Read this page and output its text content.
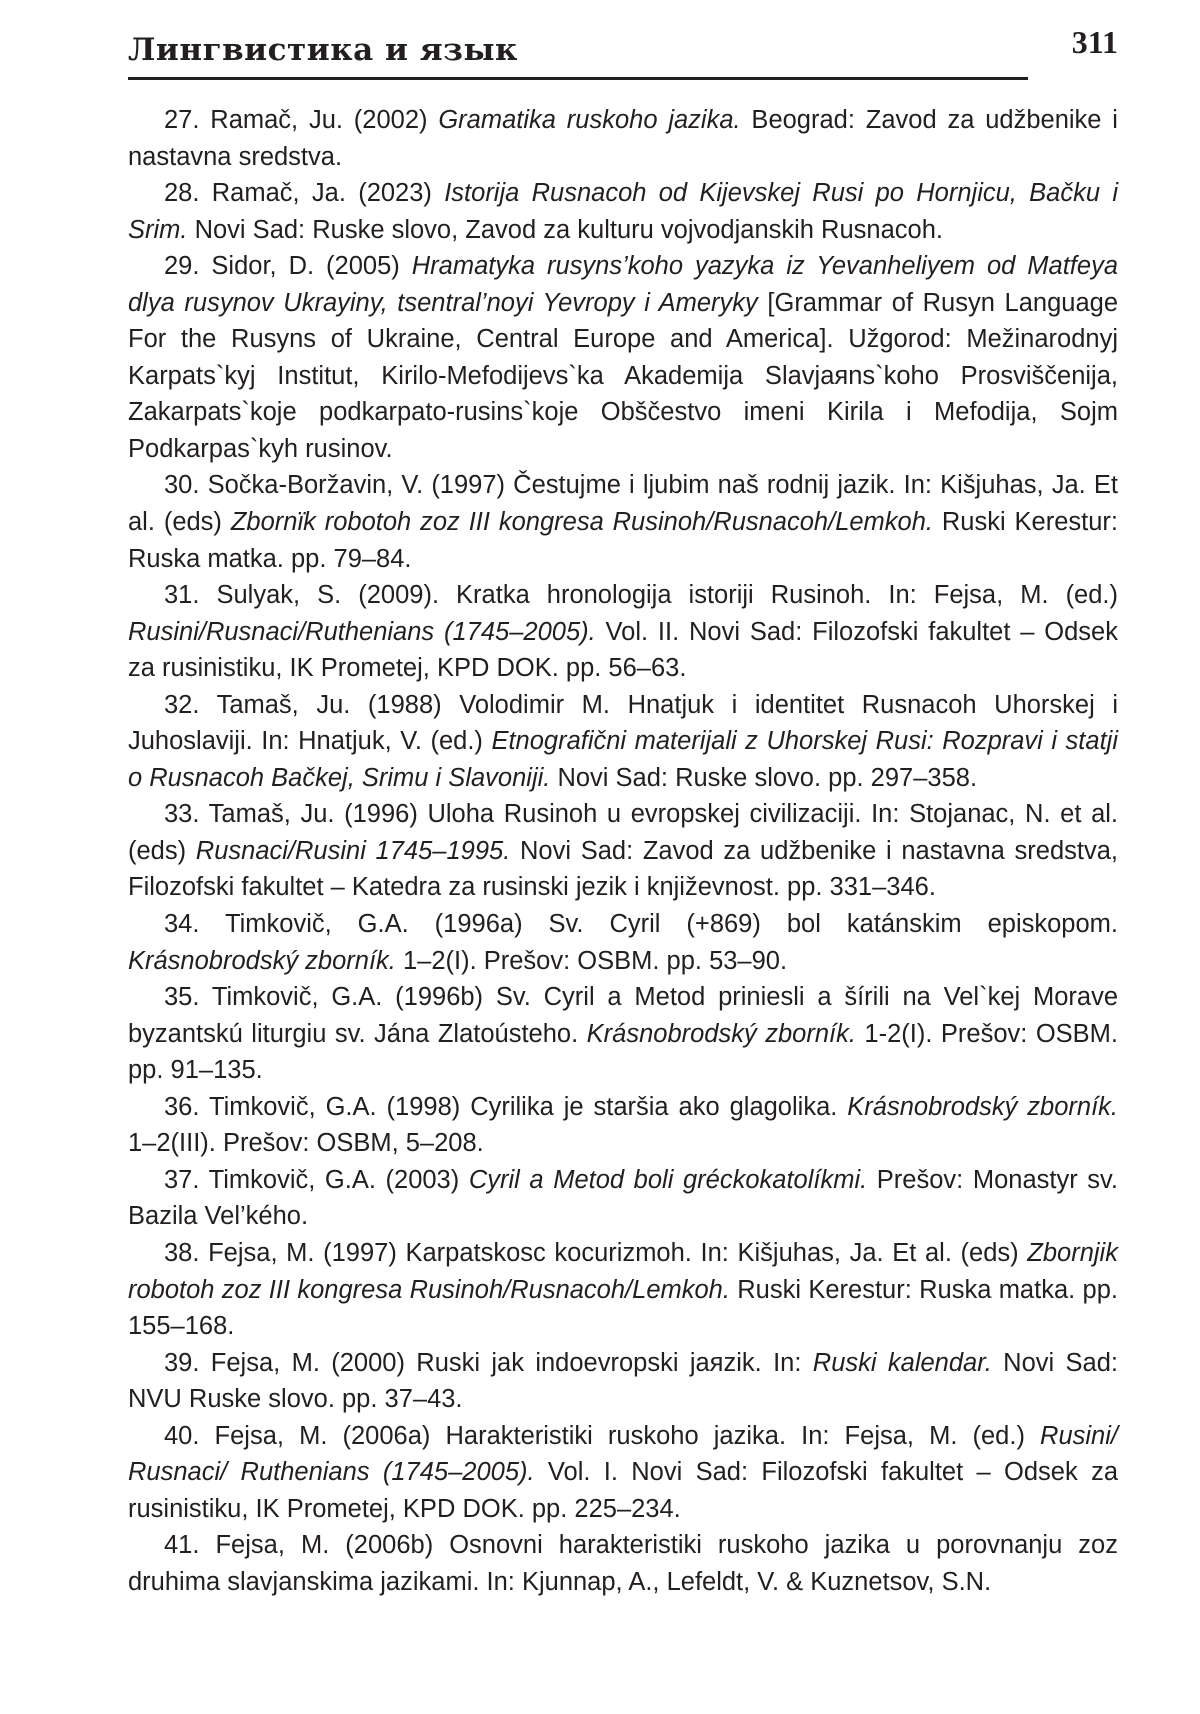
Лингвистика и язык	311

27. Ramač, Ju. (2002) Gramatika ruskoho jazika. Beograd: Zavod za udžbenike i nastavna sredstva.

28. Ramač, Ja. (2023) Istorija Rusnacoh od Kijevskej Rusi po Hornjicu, Bačku i Srim. Novi Sad: Ruske slovo, Zavod za kulturu vojvodjanskih Rusnacoh.

29. Sidor, D. (2005) Hramatyka rusyns’koho yazyka iz Yevanheliyem od Matfeya dlya rusynov Ukrayiny, tsentral’noyi Yevropy i Ameryky [Grammar of Rusyn Language For the Rusyns of Ukraine, Central Europe and America]. Užgorod: Mežinarodnyj Karpats`kyj Institut, Kirilo-Mefodijevs`ka Akademija Slavjaяns`koho Prosviščenija, Zakarpats`koje podkarpato-rusins`koje Obščestvo imeni Kirila i Mefodija, Sojm Podkarpas`kyh rusinov.

30. Sočka-Boržavin, V. (1997) Čestujme i ljubim naš rodnij jazik. In: Kišjuhas, Ja. Et al. (eds) Zbornїk robotoh zoz III kongresa Rusinoh/Rusnacoh/Lemkoh. Ruski Kerestur: Ruska matka. pp. 79–84.

31. Sulyak, S. (2009). Kratka hronologija istoriji Rusinoh. In: Fejsa, M. (ed.) Rusini/Rusnaci/Ruthenians (1745–2005). Vol. II. Novi Sad: Filozofski fakultet – Odsek za rusinistiku, IK Prometej, KPD DOK. pp. 56–63.

32. Tamaš, Ju. (1988) Volodimir M. Hnatjuk i identitet Rusnacoh Uhorskej i Juhoslaviji. In: Hnatjuk, V. (ed.) Etnografični materijali z Uhorskej Rusi: Rozpravi i statji o Rusnacoh Bačkej, Srimu i Slavoniji. Novi Sad: Ruske slovo. pp. 297–358.

33. Tamaš, Ju. (1996) Uloha Rusinoh u evropskej civilizaciji. In: Stojanac, N. et al. (eds) Rusnaci/Rusini 1745–1995. Novi Sad: Zavod za udžbenike i nastavna sredstva, Filozofski fakultet – Katedra za rusinski jezik i književnost. pp. 331–346.

34. Timkovič, G.A. (1996a) Sv. Cyril (+869) bol katánskim episkopom. Krásnobrodský zborník. 1–2(I). Prešov: OSBM. pp. 53–90.

35. Timkovič, G.A. (1996b) Sv. Cyril a Metod priniesli a šírili na Vel`kej Morave byzantskú liturgiu sv. Jána Zlatoústeho. Krásnobrodský zborník. 1-2(I). Prešov: OSBM. pp. 91–135.

36. Timkovič, G.A. (1998) Cyrilika je staršia ako glagolika. Krásnobrodský zborník. 1–2(III). Prešov: OSBM, 5–208.

37. Timkovič, G.A. (2003) Cyril a Metod boli gréckokatolíkmi. Prešov: Monastyr sv. Bazila Vel’kého.

38. Fejsa, M. (1997) Karpatskosc kocurizmoh. In: Kišjuhas, Ja. Et al. (eds) Zbornjik robotoh zoz III kongresa Rusinoh/Rusnacoh/Lemkoh. Ruski Kerestur: Ruska matka. pp. 155–168.

39. Fejsa, M. (2000) Ruski jak indoevropski jaяzik. In: Ruski kalendar. Novi Sad: NVU Ruske slovo. pp. 37–43.

40. Fejsa, M. (2006a) Harakteristiki ruskoho jazika. In: Fejsa, M. (ed.) Rusini/ Rusnaci/ Ruthenians (1745–2005). Vol. I. Novi Sad: Filozofski fakultet – Odsek za rusinistiku, IK Prometej, KPD DOK. pp. 225–234.

41. Fejsa, M. (2006b) Osnovni harakteristiki ruskoho jazika u porovnanju zoz druhima slavjanskima jazikami. In: Kjunnap, A., Lefeldt, V. & Kuznetsov, S.N.
